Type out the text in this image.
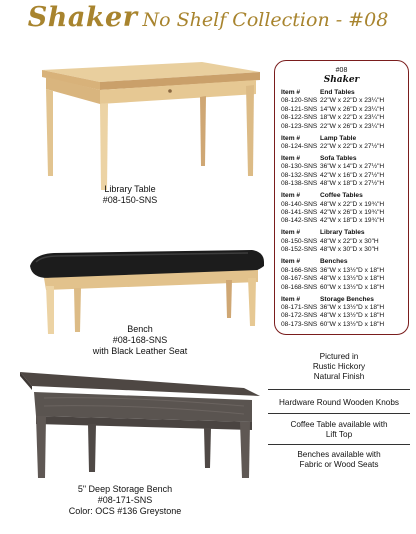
Shaker No Shelf Collection - #08
Library Table
#08-150-SNS
Bench
#08-168-SNS
with Black Leather Seat
5" Deep Storage Bench
#08-171-SNS
Color: OCS #136 Greystone
#08
Shaker
Item #	End Tables
08-120-SNS 22"W x 22"D x 23¼"H
08-121-SNS 14"W x 26"D x 23¼"H
08-122-SNS 18"W x 22"D x 23¼"H
08-123-SNS 22"W x 26"D x 23¼"H
Item #	Lamp Table
08-124-SNS 22"W x 22"D x 27½"H
Item #	Sofa Tables
08-130-SNS 36"W x 14"D x 27½"H
08-132-SNS 42"W x 16"D x 27½"H
08-138-SNS 48"W x 18"D x 27½"H
Item #	Coffee Tables
08-140-SNS 48"W x 22"D x 19¾"H
08-141-SNS 42"W x 26"D x 19¾"H
08-142-SNS 42"W x 18"D x 19¾"H
Item #	Library Tables
08-150-SNS 48"W x 22"D x 30"H
08-152-SNS 48"W x 30"D x 30"H
Item #	Benches
08-166-SNS 36"W x 13½"D x 18"H
08-167-SNS 48"W x 13½"D x 18"H
08-168-SNS 60"W x 13½"D x 18"H
Item #	Storage Benches
08-171-SNS 36"W x 13½"D x 18"H
08-172-SNS 48"W x 13½"D x 18"H
08-173-SNS 60"W x 13½"D x 18"H
Pictured in
Rustic Hickory
Natural Finish
Hardware Round Wooden Knobs
Coffee Table available with
Lift Top
Benches available with
Fabric or Wood Seats
